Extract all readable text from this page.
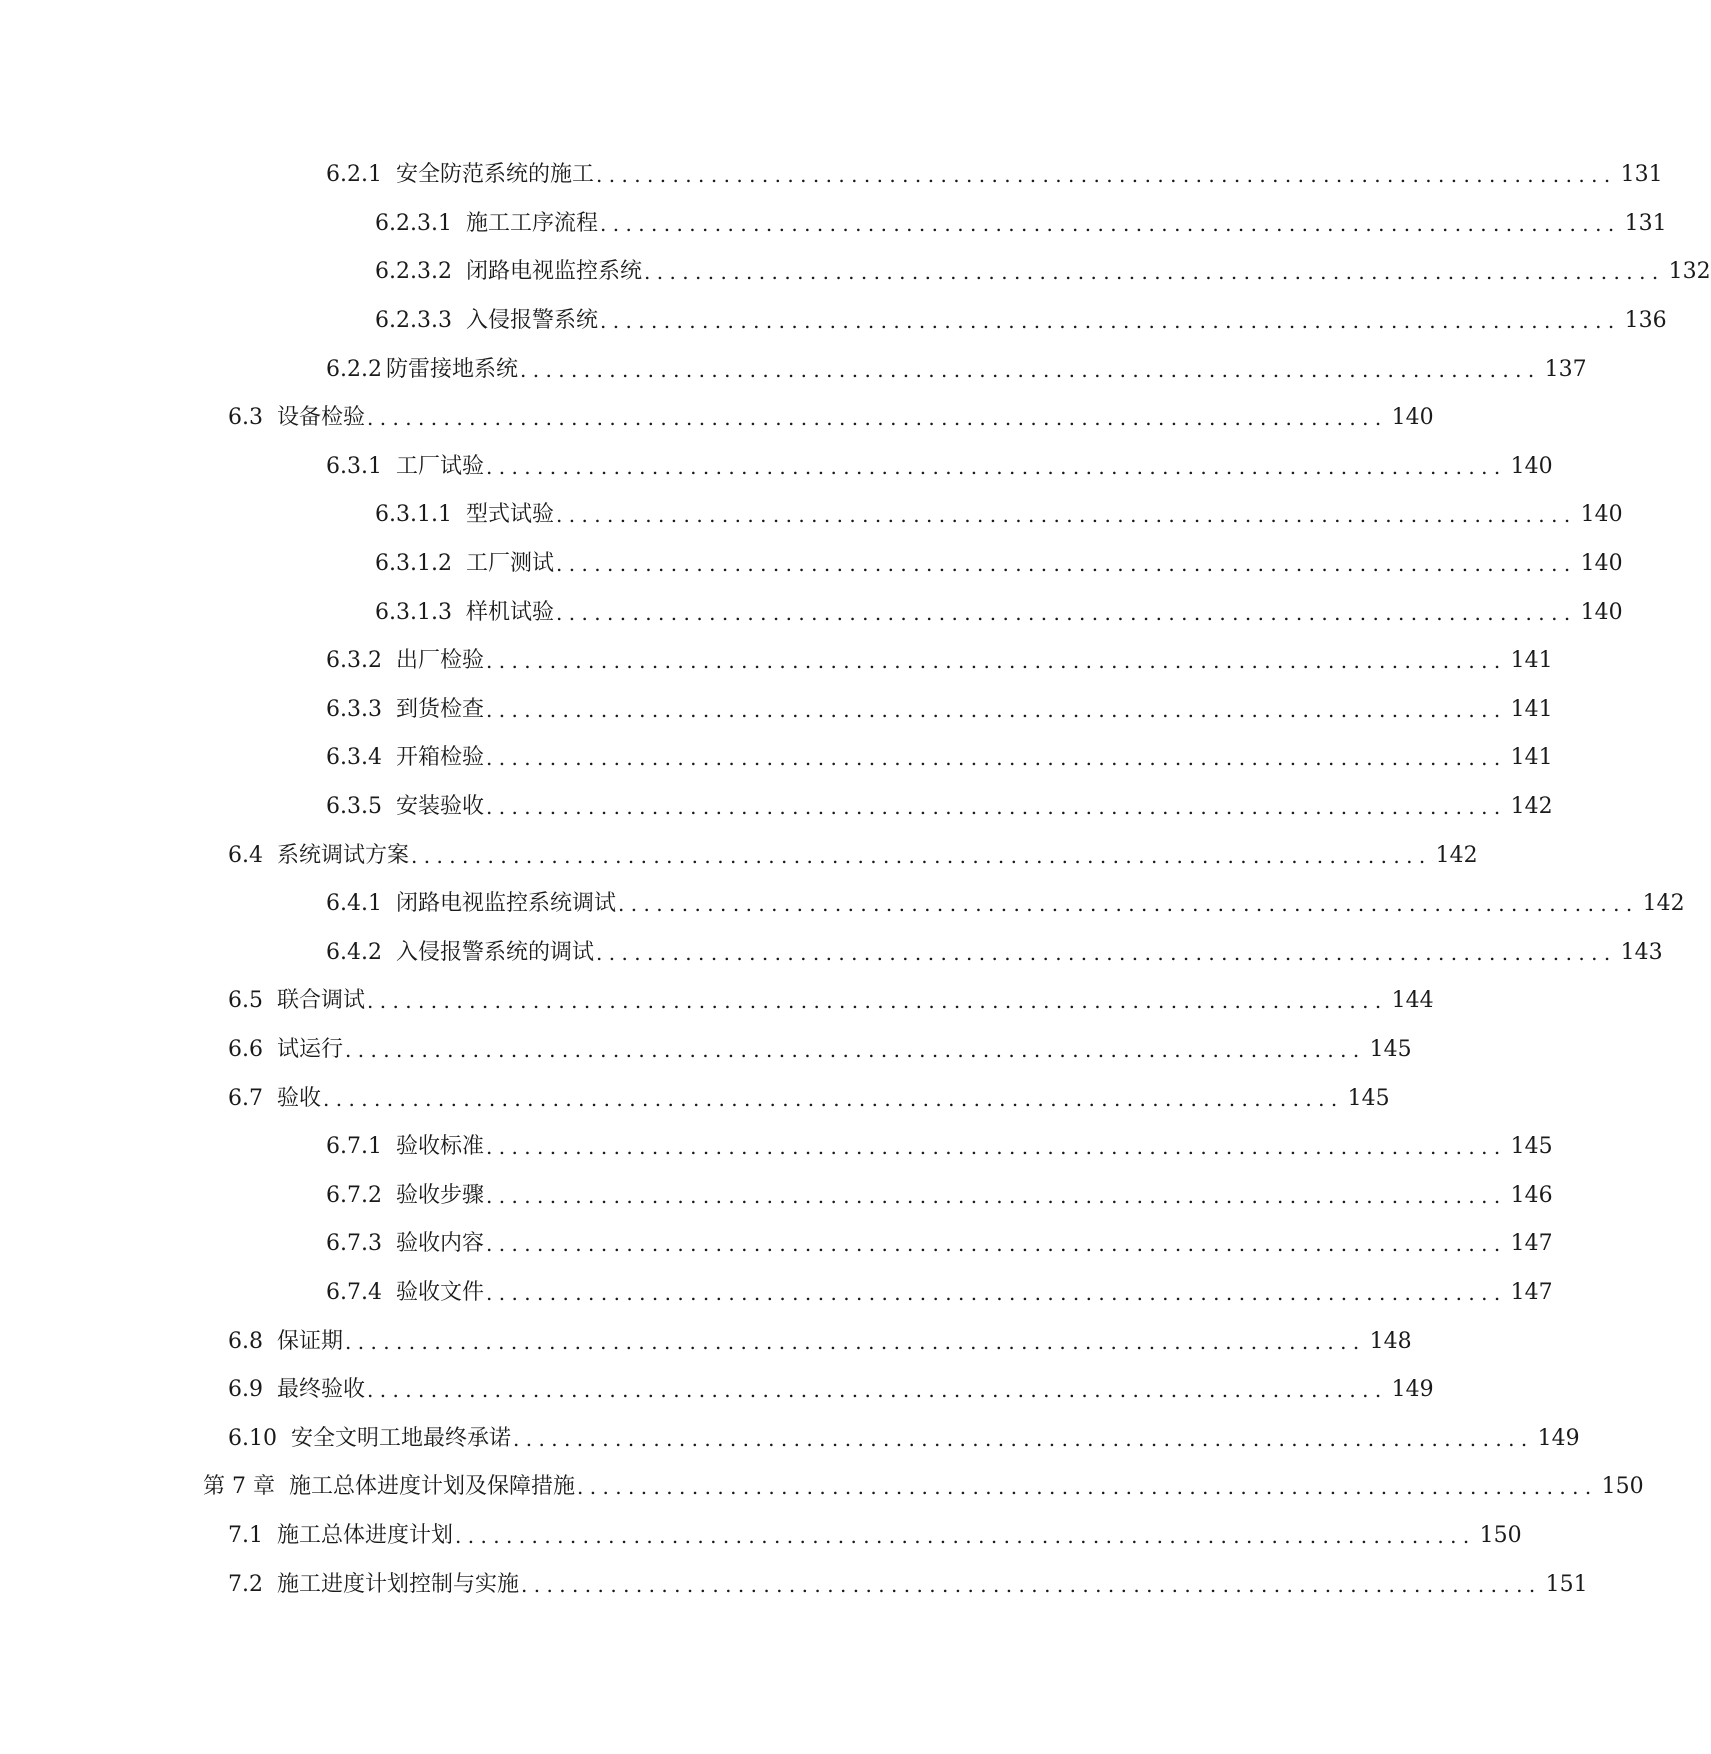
6.2.1 安全防范系统的施工 ................................................................................ 131
6.2.3.1 施工工序流程 ................................................................................ 131
6.2.3.2 闭路电视监控系统 ................................................................................ 132
6.2.3.3 入侵报警系统 ................................................................................ 136
6.2.2 防雷接地系统 ................................................................................ 137
6.3 设备检验 ................................................................................ 140
6.3.1 工厂试验 ................................................................................ 140
6.3.1.1 型式试验 ................................................................................ 140
6.3.1.2 工厂测试 ................................................................................ 140
6.3.1.3 样机试验 ................................................................................ 140
6.3.2 出厂检验 ................................................................................ 141
6.3.3 到货检查 ................................................................................ 141
6.3.4 开箱检验 ................................................................................ 141
6.3.5 安装验收 ................................................................................ 142
6.4 系统调试方案 ................................................................................ 142
6.4.1 闭路电视监控系统调试 ................................................................................ 142
6.4.2 入侵报警系统的调试 ................................................................................ 143
6.5 联合调试 ................................................................................ 144
6.6 试运行 ................................................................................ 145
6.7 验收 ................................................................................ 145
6.7.1 验收标准 ................................................................................ 145
6.7.2 验收步骤 ................................................................................ 146
6.7.3 验收内容 ................................................................................ 147
6.7.4 验收文件 ................................................................................ 147
6.8 保证期 ................................................................................ 148
6.9 最终验收 ................................................................................ 149
6.10 安全文明工地最终承诺 ................................................................................ 149
第 7 章 施工总体进度计划及保障措施 ................................................................................ 150
7.1 施工总体进度计划 ................................................................................ 150
7.2 施工进度计划控制与实施 ................................................................................ 151
